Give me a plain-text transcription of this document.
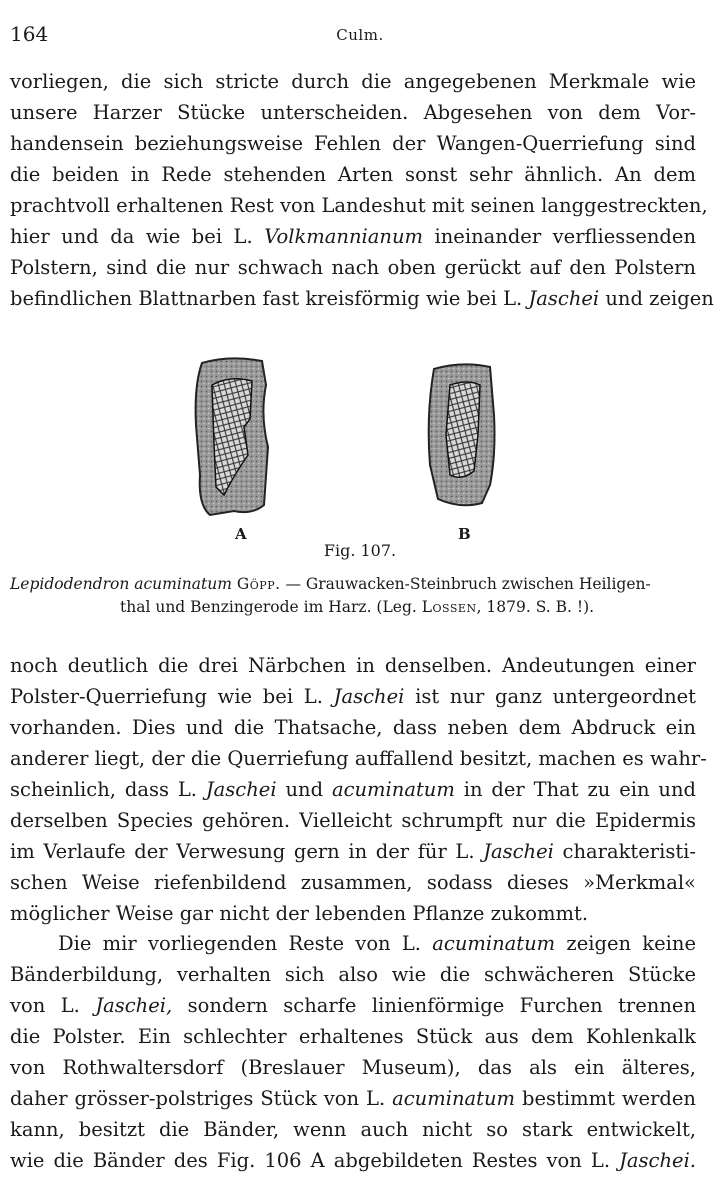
164	Culm.

vorliegen, die sich stricte durch die angegebenen Merkmale wie
unsere Harzer Stücke unterscheiden. Abgesehen von dem Vor-
handensein beziehungsweise Fehlen der Wangen-Querriefung sind
die beiden in Rede stehenden Arten sonst sehr ähnlich. An dem
prachtvoll erhaltenen Rest von Landeshut mit seinen langgestreckten,
hier und da wie bei L. Volkmannianum ineinander verfliessenden
Polstern, sind die nur schwach nach oben gerückt auf den Polstern
befindlichen Blattnarben fast kreisförmig wie bei L. Jaschei und zeigen

A	B
Fig. 107.
Lepidodendron acuminatum Göpp. — Grauwacken-Steinbruch zwischen Heiligen-
thal und Benzingerode im Harz. (Leg. Lossen, 1879. S. B. !).

noch deutlich die drei Närbchen in denselben. Andeutungen einer
Polster-Querriefung wie bei L. Jaschei ist nur ganz untergeordnet
vorhanden. Dies und die Thatsache, dass neben dem Abdruck ein
anderer liegt, der die Querriefung auffallend besitzt, machen es wahr-
scheinlich, dass L. Jaschei und acuminatum in der That zu ein und
derselben Species gehören. Vielleicht schrumpft nur die Epidermis
im Verlaufe der Verwesung gern in der für L. Jaschei charakteristi-
schen Weise riefenbildend zusammen, sodass dieses »Merkmal«
möglicher Weise gar nicht der lebenden Pflanze zukommt.

Die mir vorliegenden Reste von L. acuminatum zeigen keine
Bänderbildung, verhalten sich also wie die schwächeren Stücke
von L. Jaschei, sondern scharfe linienförmige Furchen trennen
die Polster. Ein schlechter erhaltenes Stück aus dem Kohlenkalk
von Rothwaltersdorf (Breslauer Museum), das als ein älteres,
daher grösser-polstriges Stück von L. acuminatum bestimmt werden
kann, besitzt die Bänder, wenn auch nicht so stark entwickelt,
wie die Bänder des Fig. 106 A abgebildeten Restes von L. Jaschei.
